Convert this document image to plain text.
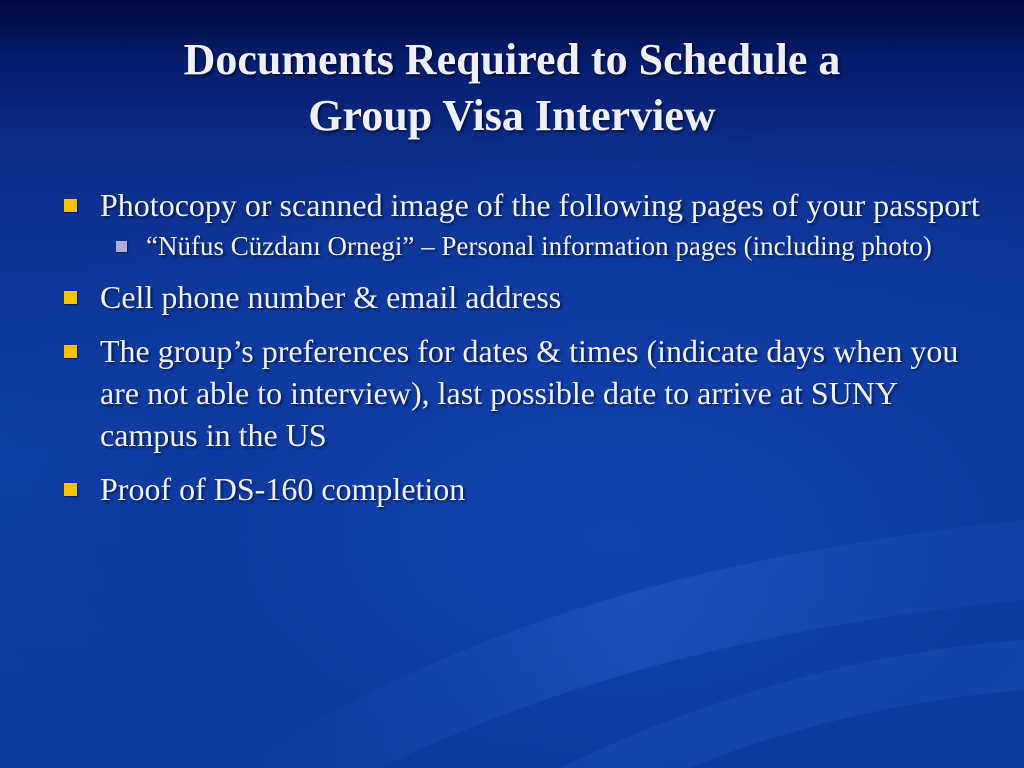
Documents Required to Schedule a
Group Visa Interview
Photocopy or scanned image of the following pages of your passport
“Nüfus Cüzdanı Ornegi” – Personal information pages (including photo)
Cell phone number & email address
The group’s preferences for dates & times (indicate days when you are not able to interview), last possible date to arrive at SUNY campus in the US
Proof of DS-160 completion
